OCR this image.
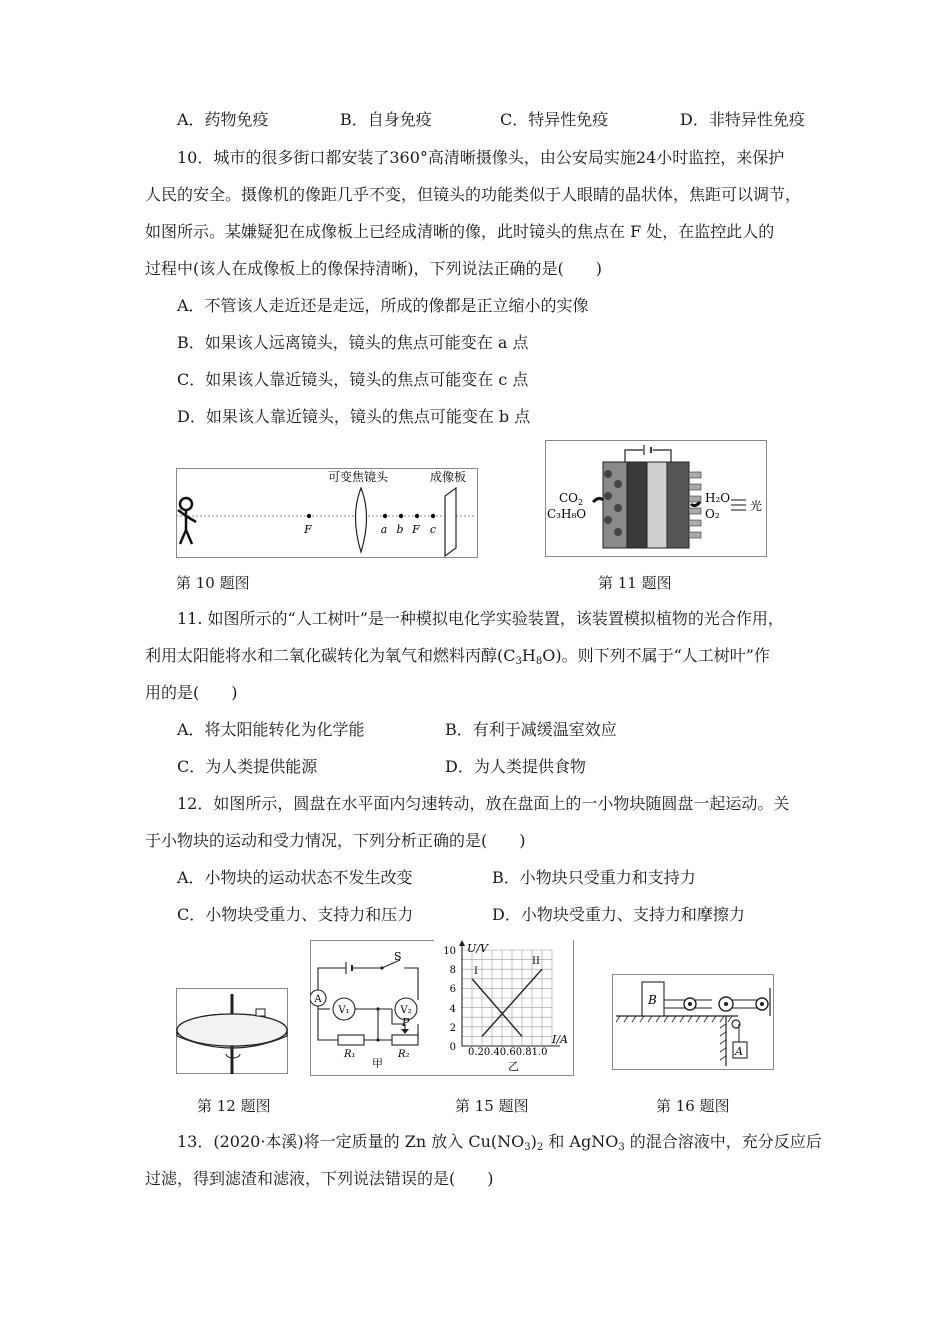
A．药物免疫	B．自身免疫	C．特异性免疫	D．非特异性免疫
10．城市的很多街口都安装了360°高清晰摄像头，由公安局实施24小时监控，来保护
人民的安全。摄像机的像距几乎不变，但镜头的功能类似于人眼睛的晶状体，焦距可以调节，
如图所示。某嫌疑犯在成像板上已经成清晰的像，此时镜头的焦点在 F 处，在监控此人的
过程中(该人在成像板上的像保持清晰)，下列说法正确的是(　　)
A．不管该人走近还是走远，所成的像都是正立缩小的实像
B．如果该人远离镜头，镜头的焦点可能变在 a 点
C．如果该人靠近镜头，镜头的焦点可能变在 c 点
D．如果该人靠近镜头，镜头的焦点可能变在 b 点
可变焦镜头	成像板
F	a b F c
第 10 题图
$CO_2$
C₃H₈O
H₂O
O₂
光
第 11 题图
11. 如图所示的“人工树叶”是一种模拟电化学实验装置，该装置模拟植物的光合作用，
利用太阳能将水和二氧化碳转化为氧气和燃料丙醇$(C_3H_8O)$。则下列不属于“人工树叶”作
用的是(　　)
A．将太阳能转化为化学能	B．有利于减缓温室效应
C．为人类提供能源	D．为人类提供食物
12．如图所示，圆盘在水平面内匀速转动，放在盘面上的一小物块随圆盘一起运动。关
于小物块的运动和受力情况，下列分析正确的是(　　)
A．小物块的运动状态不发生改变	B．小物块只受重力和支持力
C．小物块受重力、支持力和压力	D．小物块受重力、支持力和摩擦力
第 12 题图
A
V₁	V₂
S
P
R₁	R₂
甲
U/V
I/A
10
8
6
4
2
0 0.20.40.60.81.0
I
II
乙
第 15 题图
B
A
第 16 题图
13．(2020·本溪)将一定质量的 Zn 放入 $Cu(NO_3)_2$ 和 AgNO$_3$ 的混合溶液中，充分反应后
过滤，得到滤渣和滤液，下列说法错误的是(　　)
